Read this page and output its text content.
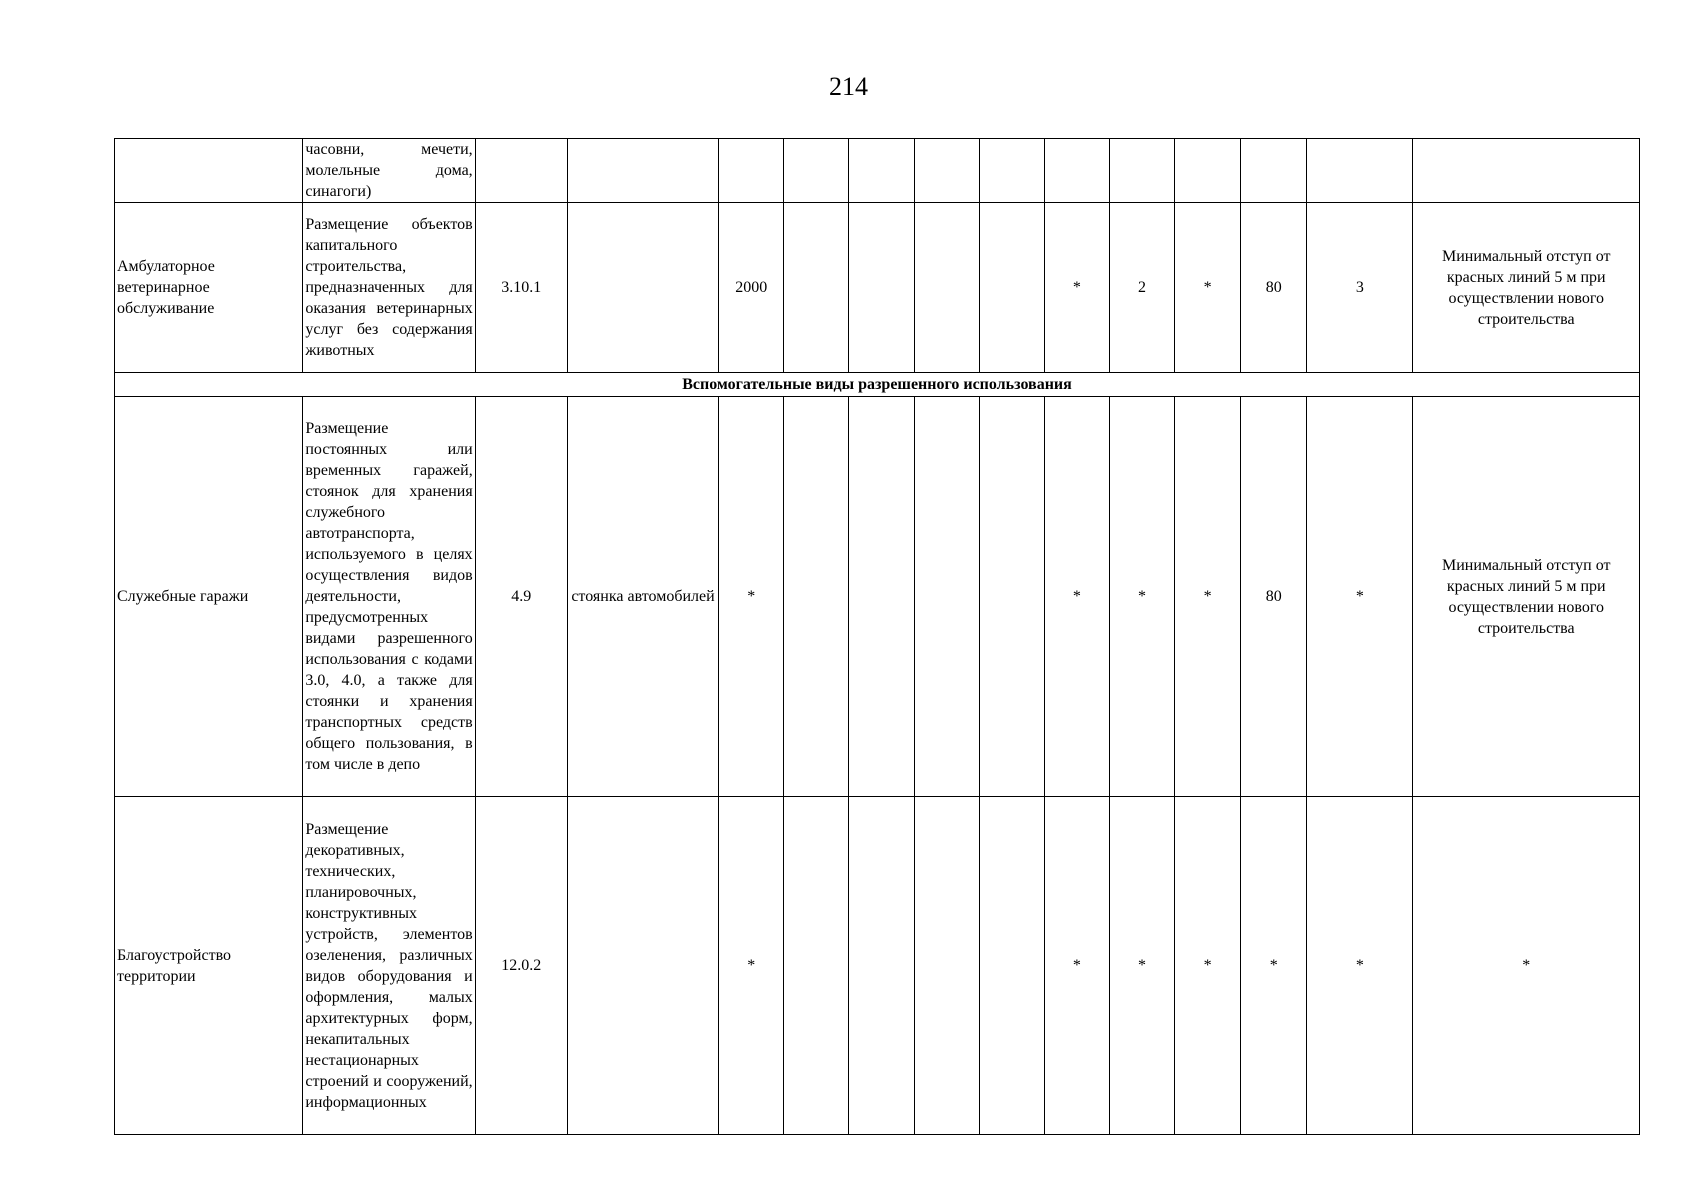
214
	часовни, мечети, молельные дома, синагоги)													
Амбулаторное ветеринарное обслуживание	Размещение объектов капитального строительства, предназначенных для оказания ветеринарных услуг без содержания животных	3.10.1		2000					*	2	*	80	3	Минимальный отступ от красных линий 5 м при осуществлении нового строительства
Вспомогательные виды разрешенного использования														
Служебные гаражи	Размещение постоянных или временных гаражей, стоянок для хранения служебного автотранспорта, используемого в целях осуществления видов деятельности, предусмотренных видами разрешенного использования с кодами 3.0, 4.0, а также для стоянки и хранения транспортных средств общего пользования, в том числе в депо	4.9	стоянка автомобилей	*					*	*	*	80	*	Минимальный отступ от красных линий 5 м при осуществлении нового строительства
Благоустройство территории	Размещение декоративных, технических, планировочных, конструктивных устройств, элементов озеленения, различных видов оборудования и оформления, малых архитектурных форм, некапитальных нестационарных строений и сооружений, информационных	12.0.2		*					*	*	*	*	*	*
